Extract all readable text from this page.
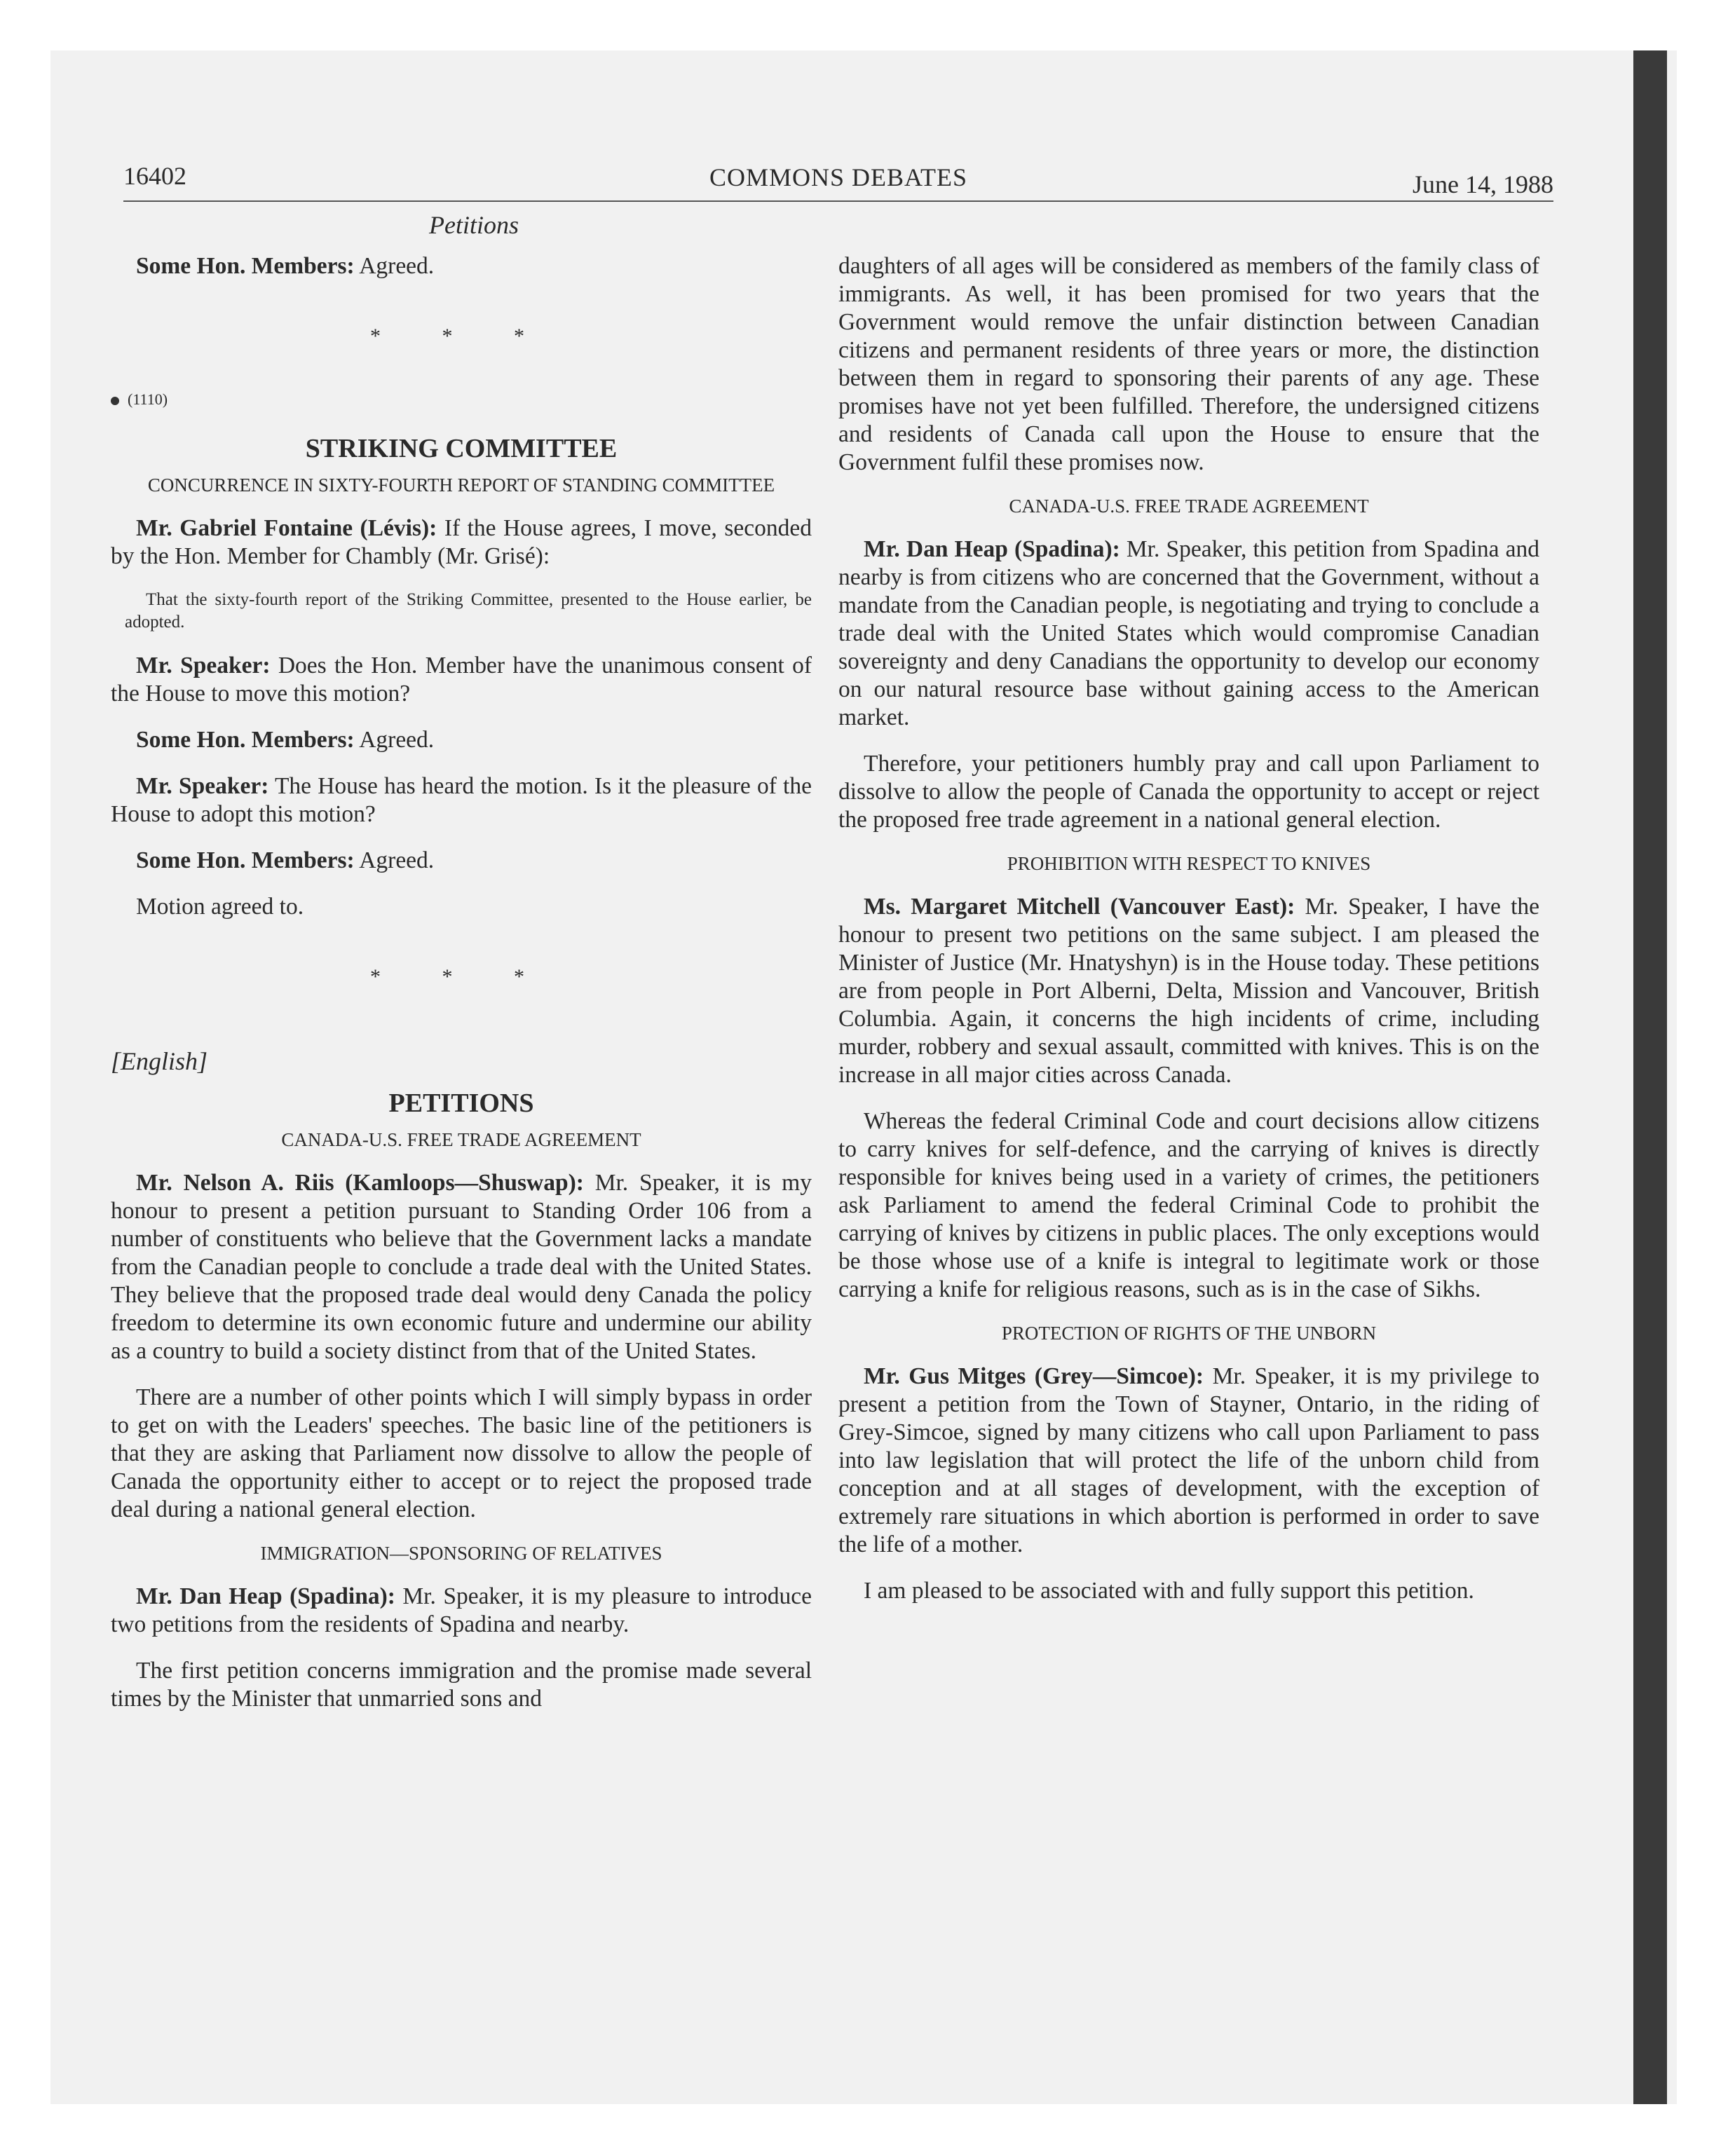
16402	COMMONS DEBATES	June 14, 1988
Petitions

Some Hon. Members: Agreed.

* * *
(1110)
STRIKING COMMITTEE
CONCURRENCE IN SIXTY-FOURTH REPORT OF STANDING COMMITTEE

Mr. Gabriel Fontaine (Lévis): If the House agrees, I move, seconded by the Hon. Member for Chambly (Mr. Grisé):

That the sixty-fourth report of the Striking Committee, presented to the House earlier, be adopted.

Mr. Speaker: Does the Hon. Member have the unanimous consent of the House to move this motion?

Some Hon. Members: Agreed.

Mr. Speaker: The House has heard the motion. Is it the pleasure of the House to adopt this motion?

Some Hon. Members: Agreed.

Motion agreed to.

* * *
[English]
PETITIONS
CANADA-U.S. FREE TRADE AGREEMENT

Mr. Nelson A. Riis (Kamloops—Shuswap): Mr. Speaker, it is my honour to present a petition pursuant to Standing Order 106 from a number of constituents who believe that the Government lacks a mandate from the Canadian people to conclude a trade deal with the United States. They believe that the proposed trade deal would deny Canada the policy freedom to determine its own economic future and undermine our ability as a country to build a society distinct from that of the United States.

There are a number of other points which I will simply bypass in order to get on with the Leaders' speeches. The basic line of the petitioners is that they are asking that Parliament now dissolve to allow the people of Canada the opportunity either to accept or to reject the proposed trade deal during a national general election.

IMMIGRATION—SPONSORING OF RELATIVES

Mr. Dan Heap (Spadina): Mr. Speaker, it is my pleasure to introduce two petitions from the residents of Spadina and nearby.

The first petition concerns immigration and the promise made several times by the Minister that unmarried sons and

daughters of all ages will be considered as members of the family class of immigrants. As well, it has been promised for two years that the Government would remove the unfair distinction between Canadian citizens and permanent residents of three years or more, the distinction between them in regard to sponsoring their parents of any age. These promises have not yet been fulfilled. Therefore, the undersigned citizens and residents of Canada call upon the House to ensure that the Government fulfil these promises now.

CANADA-U.S. FREE TRADE AGREEMENT

Mr. Dan Heap (Spadina): Mr. Speaker, this petition from Spadina and nearby is from citizens who are concerned that the Government, without a mandate from the Canadian people, is negotiating and trying to conclude a trade deal with the United States which would compromise Canadian sovereignty and deny Canadians the opportunity to develop our economy on our natural resource base without gaining access to the American market.

Therefore, your petitioners humbly pray and call upon Parliament to dissolve to allow the people of Canada the opportunity to accept or reject the proposed free trade agreement in a national general election.

PROHIBITION WITH RESPECT TO KNIVES

Ms. Margaret Mitchell (Vancouver East): Mr. Speaker, I have the honour to present two petitions on the same subject. I am pleased the Minister of Justice (Mr. Hnatyshyn) is in the House today. These petitions are from people in Port Alberni, Delta, Mission and Vancouver, British Columbia. Again, it concerns the high incidents of crime, including murder, robbery and sexual assault, committed with knives. This is on the increase in all major cities across Canada.

Whereas the federal Criminal Code and court decisions allow citizens to carry knives for self-defence, and the carrying of knives is directly responsible for knives being used in a variety of crimes, the petitioners ask Parliament to amend the federal Criminal Code to prohibit the carrying of knives by citizens in public places. The only exceptions would be those whose use of a knife is integral to legitimate work or those carrying a knife for religious reasons, such as is in the case of Sikhs.

PROTECTION OF RIGHTS OF THE UNBORN

Mr. Gus Mitges (Grey—Simcoe): Mr. Speaker, it is my privilege to present a petition from the Town of Stayner, Ontario, in the riding of Grey-Simcoe, signed by many citizens who call upon Parliament to pass into law legislation that will protect the life of the unborn child from conception and at all stages of development, with the exception of extremely rare situations in which abortion is performed in order to save the life of a mother.

I am pleased to be associated with and fully support this petition.
